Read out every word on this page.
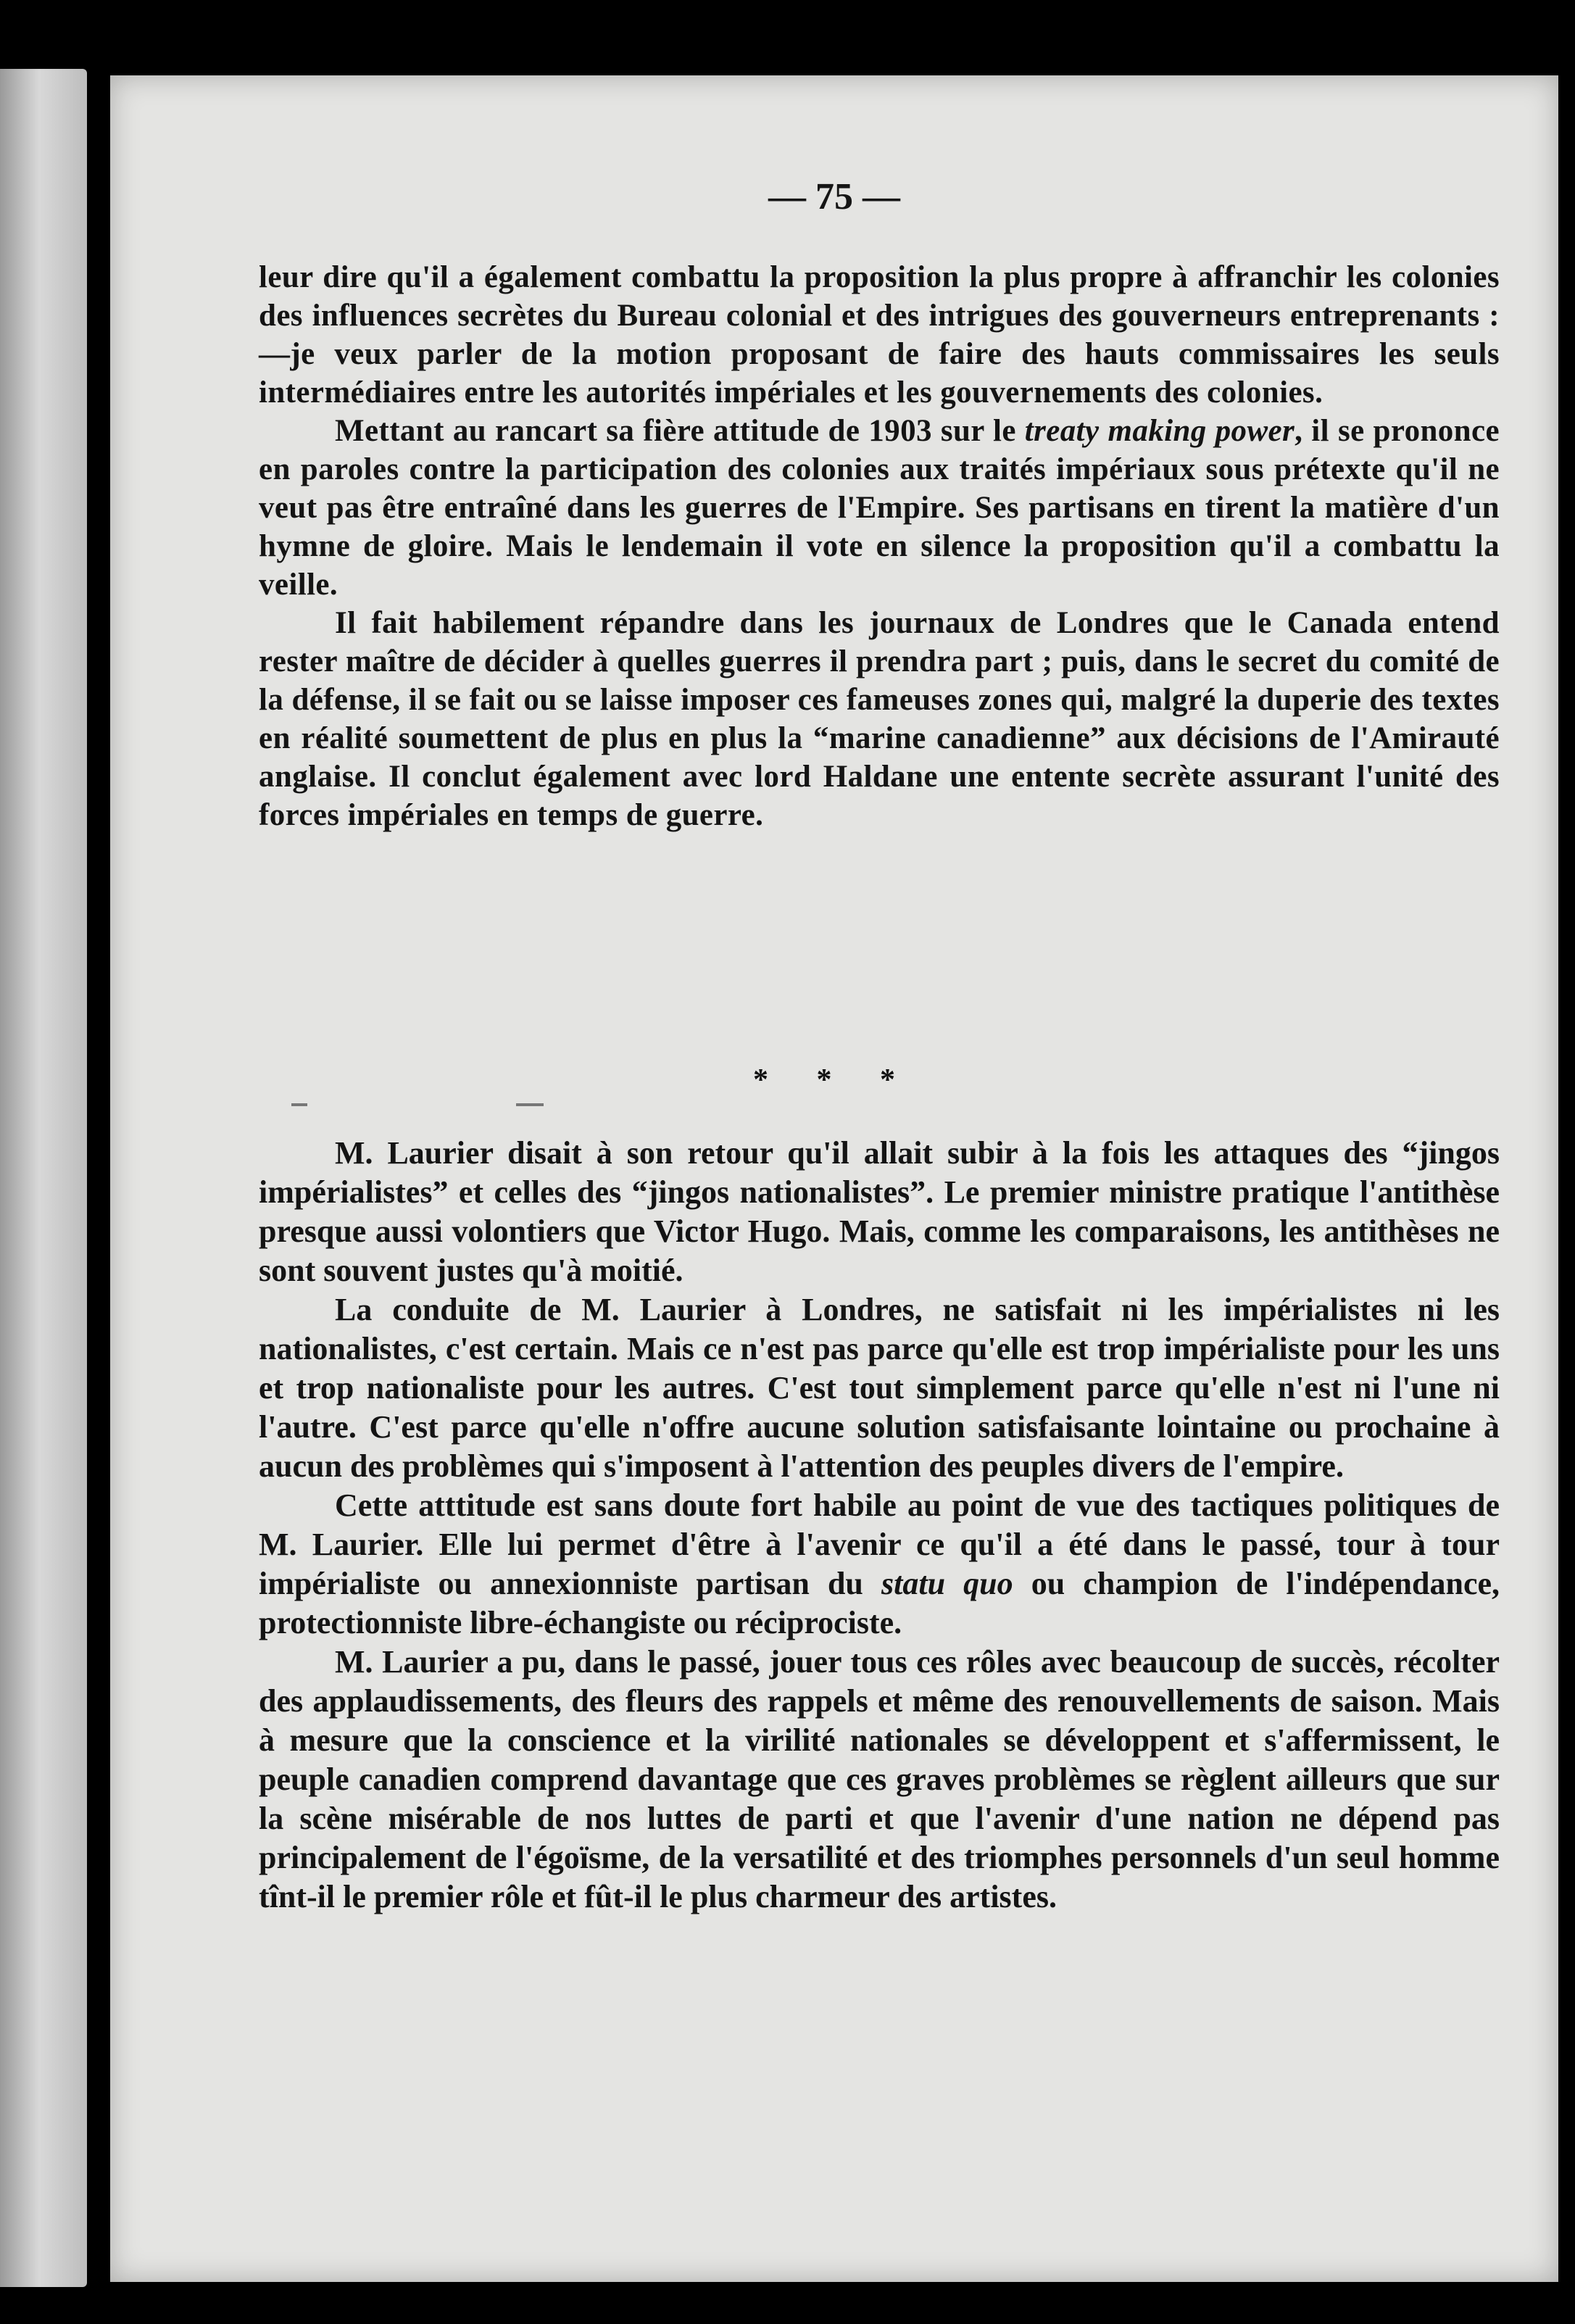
— 75 —

leur dire qu'il a également combattu la proposition la plus propre à affranchir les colonies des influences secrètes du Bureau colonial et des intrigues des gouverneurs entreprenants :—je veux parler de la motion proposant de faire des hauts commissaires les seuls intermédiaires entre les autorités impériales et les gouvernements des colonies.

Mettant au rancart sa fière attitude de 1903 sur le treaty making power, il se prononce en paroles contre la participation des colonies aux traités impériaux sous prétexte qu'il ne veut pas être entraîné dans les guerres de l'Empire. Ses partisans en tirent la matière d'un hymne de gloire. Mais le lendemain il vote en silence la proposition qu'il a combattu la veille.

Il fait habilement répandre dans les journaux de Londres que le Canada entend rester maître de décider à quelles guerres il prendra part ; puis, dans le secret du comité de la défense, il se fait ou se laisse imposer ces fameuses zones qui, malgré la duperie des textes en réalité soumettent de plus en plus la “marine canadienne” aux décisions de l'Amirauté anglaise. Il conclut également avec lord Haldane une entente secrète assurant l'unité des forces impériales en temps de guerre.

* * *

M. Laurier disait à son retour qu'il allait subir à la fois les attaques des “jingos impérialistes” et celles des “jingos nationalistes”. Le premier ministre pratique l'antithèse presque aussi volontiers que Victor Hugo. Mais, comme les comparaisons, les antithèses ne sont souvent justes qu'à moitié.

La conduite de M. Laurier à Londres, ne satisfait ni les impérialistes ni les nationalistes, c'est certain. Mais ce n'est pas parce qu'elle est trop impérialiste pour les uns et trop nationaliste pour les autres. C'est tout simplement parce qu'elle n'est ni l'une ni l'autre. C'est parce qu'elle n'offre aucune solution satisfaisante lointaine ou prochaine à aucun des problèmes qui s'imposent à l'attention des peuples divers de l'empire.

Cette atttitude est sans doute fort habile au point de vue des tactiques politiques de M. Laurier. Elle lui permet d'être à l'avenir ce qu'il a été dans le passé, tour à tour impérialiste ou annexionniste partisan du statu quo ou champion de l'indépendance, protectionniste libre-échangiste ou réciprociste.

M. Laurier a pu, dans le passé, jouer tous ces rôles avec beaucoup de succès, récolter des applaudissements, des fleurs des rappels et même des renouvellements de saison. Mais à mesure que la conscience et la virilité nationales se développent et s'affermissent, le peuple canadien comprend davantage que ces graves problèmes se règlent ailleurs que sur la scène misérable de nos luttes de parti et que l'avenir d'une nation ne dépend pas principalement de l'égoïsme, de la versatilité et des triomphes personnels d'un seul homme tînt-il le premier rôle et fût-il le plus charmeur des artistes.
